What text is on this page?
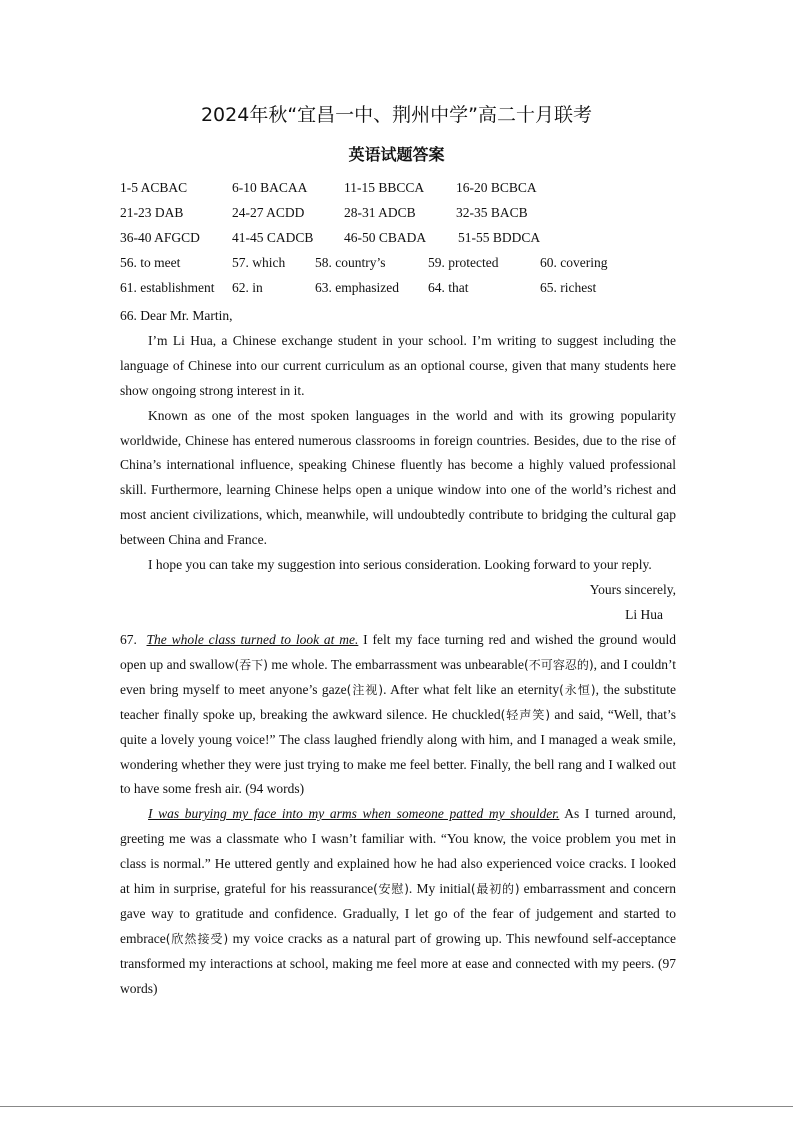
2024年秋“宜昌一中、荆州中学”高二十月联考
英语试题答案
1-5 ACBAC	6-10 BACAA	11-15 BBCCA 16-20 BCBCA
21-23 DAB	24-27 ACDD	28-31 ADCB	32-35 BACB
36-40 AFGCD 41-45 CADCB 46-50 CBADA 51-55 BDDCA
56. to meet	57. which 58. country’s	59. protected	60. covering
61. establishment 62. in	63. emphasized 64. that	65. richest

66. Dear Mr. Martin,

I’m Li Hua, a Chinese exchange student in your school. I’m writing to suggest including the language of Chinese into our current curriculum as an optional course, given that many students here show ongoing strong interest in it.

Known as one of the most spoken languages in the world and with its growing popularity worldwide, Chinese has entered numerous classrooms in foreign countries. Besides, due to the rise of China’s international influence, speaking Chinese fluently has become a highly valued professional skill. Furthermore, learning Chinese helps open a unique window into one of the world’s richest and most ancient civilizations, which, meanwhile, will undoubtedly contribute to bridging the cultural gap between China and France.

I hope you can take my suggestion into serious consideration. Looking forward to your reply.

Yours sincerely,

Li Hua

67. The whole class turned to look at me. I felt my face turning red and wished the ground would open up and swallow(吞下) me whole. The embarrassment was unbearable(不可容忍的), and I couldn’t even bring myself to meet anyone’s gaze(注视). After what felt like an eternity(永恒), the substitute teacher finally spoke up, breaking the awkward silence. He chuckled(轻声笑) and said, “Well, that’s quite a lovely young voice!” The class laughed friendly along with him, and I managed a weak smile, wondering whether they were just trying to make me feel better. Finally, the bell rang and I walked out to have some fresh air. (94 words)

I was burying my face into my arms when someone patted my shoulder. As I turned around, greeting me was a classmate who I wasn’t familiar with. “You know, the voice problem you met in class is normal.” He uttered gently and explained how he had also experienced voice cracks. I looked at him in surprise, grateful for his reassurance(安慰). My initial(最初的) embarrassment and concern gave way to gratitude and confidence. Gradually, I let go of the fear of judgement and started to embrace(欣然接受) my voice cracks as a natural part of growing up. This newfound self-acceptance transformed my interactions at school, making me feel more at ease and connected with my peers. (97 words)
